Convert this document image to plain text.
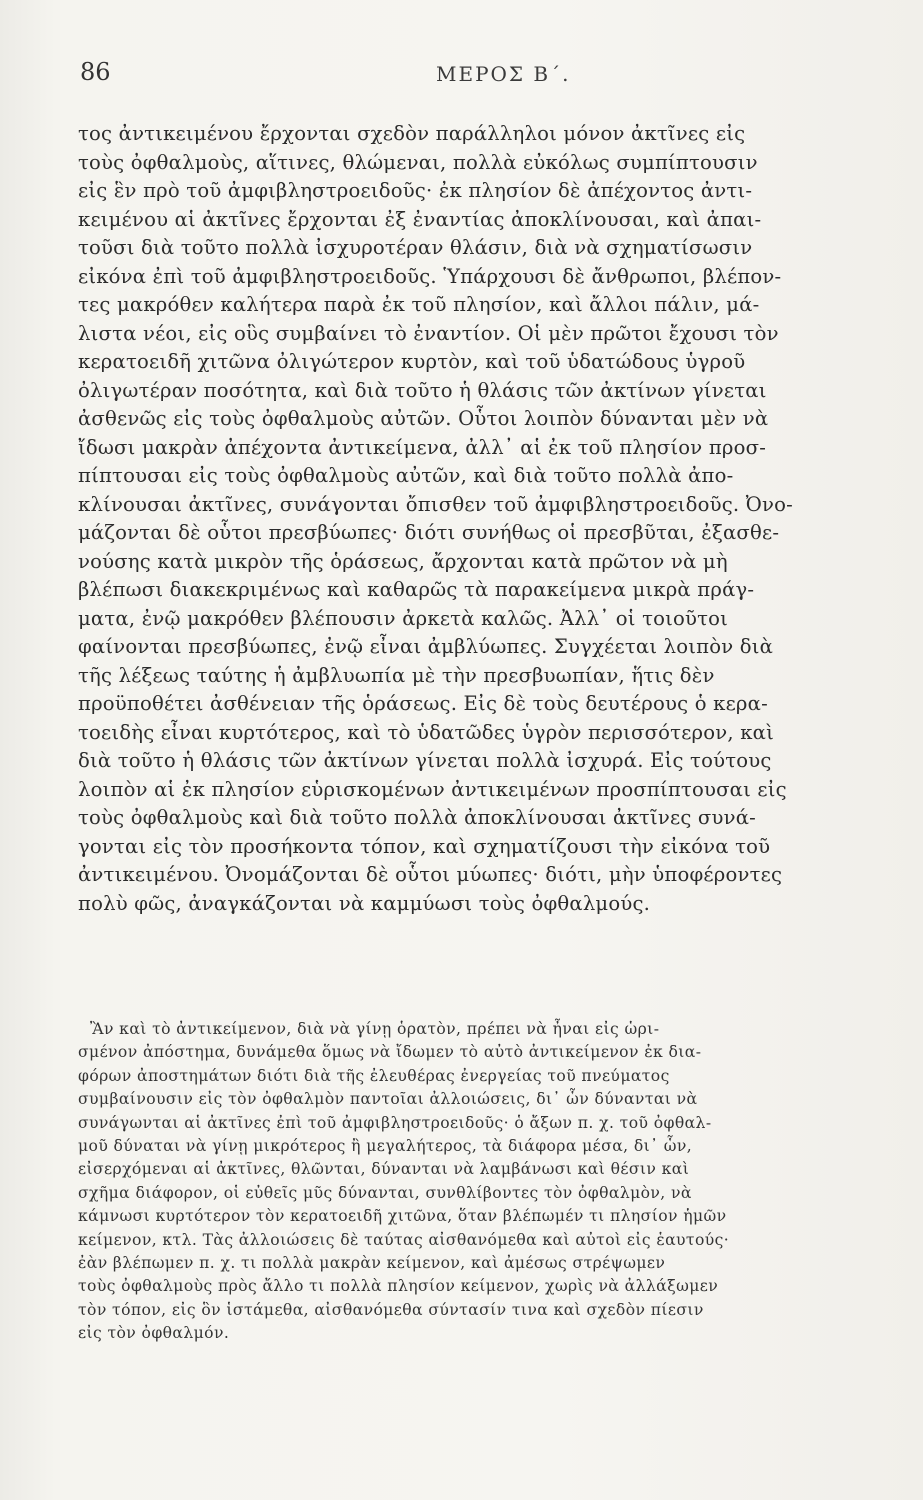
86	ΜΕΡΟΣ Β΄.
τος ἀντικειμένου ἔρχονται σχεδὸν παράλληλοι μόνον ἀκτῖνες εἰς
τοὺς ὀφθαλμοὺς, αἵτινες, θλώμεναι, πολλὰ εὐκόλως συμπίπτουσιν
εἰς ἓν πρὸ τοῦ ἀμφιβληστροειδοῦς· ἐκ πλησίον δὲ ἀπέχοντος ἀντι-
κειμένου αἱ ἀκτῖνες ἔρχονται ἐξ ἐναντίας ἀποκλίνουσαι, καὶ ἀπαι-
τοῦσι διὰ τοῦτο πολλὰ ἰσχυροτέραν θλάσιν, διὰ νὰ σχηματίσωσιν
εἰκόνα ἐπὶ τοῦ ἀμφιβληστροειδοῦς. Ὑπάρχουσι δὲ ἄνθρωποι, βλέπον-
τες μακρόθεν καλήτερα παρὰ ἐκ τοῦ πλησίον, καὶ ἄλλοι πάλιν, μά-
λιστα νέοι, εἰς οὓς συμβαίνει τὸ ἐναντίον. Οἱ μὲν πρῶτοι ἔχουσι τὸν
κερατοειδῆ χιτῶνα ὀλιγώτερον κυρτὸν, καὶ τοῦ ὑδατώδους ὑγροῦ
ὀλιγωτέραν ποσότητα, καὶ διὰ τοῦτο ἡ θλάσις τῶν ἀκτίνων γίνεται
ἀσθενῶς εἰς τοὺς ὀφθαλμοὺς αὐτῶν. Οὗτοι λοιπὸν δύνανται μὲν νὰ
ἴδωσι μακρὰν ἀπέχοντα ἀντικείμενα, ἀλλ᾽ αἱ ἐκ τοῦ πλησίον προσ-
πίπτουσαι εἰς τοὺς ὀφθαλμοὺς αὐτῶν, καὶ διὰ τοῦτο πολλὰ ἀπο-
κλίνουσαι ἀκτῖνες, συνάγονται ὄπισθεν τοῦ ἀμφιβληστροειδοῦς. Ὀνο-
μάζονται δὲ οὗτοι πρεσβύωπες· διότι συνήθως οἱ πρεσβῦται, ἐξασθε-
νούσης κατὰ μικρὸν τῆς ὁράσεως, ἄρχονται κατὰ πρῶτον νὰ μὴ
βλέπωσι διακεκριμένως καὶ καθαρῶς τὰ παρακείμενα μικρὰ πράγ-
ματα, ἐνῷ μακρόθεν βλέπουσιν ἀρκετὰ καλῶς. Ἀλλ᾽ οἱ τοιοῦτοι
φαίνονται πρεσβύωπες, ἐνῷ εἶναι ἀμβλύωπες. Συγχέεται λοιπὸν διὰ
τῆς λέξεως ταύτης ἡ ἀμβλυωπία μὲ τὴν πρεσβυωπίαν, ἥτις δὲν
προϋποθέτει ἀσθένειαν τῆς ὁράσεως. Εἰς δὲ τοὺς δευτέρους ὁ κερα-
τοειδὴς εἶναι κυρτότερος, καὶ τὸ ὑδατῶδες ὑγρὸν περισσότερον, καὶ
διὰ τοῦτο ἡ θλάσις τῶν ἀκτίνων γίνεται πολλὰ ἰσχυρά. Εἰς τούτους
λοιπὸν αἱ ἐκ πλησίον εὑρισκομένων ἀντικειμένων προσπίπτουσαι εἰς
τοὺς ὀφθαλμοὺς καὶ διὰ τοῦτο πολλὰ ἀποκλίνουσαι ἀκτῖνες συνά-
γονται εἰς τὸν προσήκοντα τόπον, καὶ σχηματίζουσι τὴν εἰκόνα τοῦ
ἀντικειμένου. Ὀνομάζονται δὲ οὗτοι μύωπες· διότι, μὴν ὑποφέροντες
πολὺ φῶς, ἀναγκάζονται νὰ καμμύωσι τοὺς ὀφθαλμούς.
Ἂν καὶ τὸ ἀντικείμενον, διὰ νὰ γίνῃ ὁρατὸν, πρέπει νὰ ἦναι εἰς ὡρι-
σμένον ἀπόστημα, δυνάμεθα ὅμως νὰ ἴδωμεν τὸ αὐτὸ ἀντικείμενον ἐκ δια-
φόρων ἀποστημάτων διότι διὰ τῆς ἐλευθέρας ἐνεργείας τοῦ πνεύματος
συμβαίνουσιν εἰς τὸν ὀφθαλμὸν παντοῖαι ἀλλοιώσεις, δι᾽ ὧν δύνανται νὰ
συνάγωνται αἱ ἀκτῖνες ἐπὶ τοῦ ἀμφιβληστροειδοῦς· ὁ ἄξων π. χ. τοῦ ὀφθαλ-
μοῦ δύναται νὰ γίνῃ μικρότερος ἢ μεγαλήτερος, τὰ διάφορα μέσα, δι᾽ ὧν,
εἰσερχόμεναι αἱ ἀκτῖνες, θλῶνται, δύνανται νὰ λαμβάνωσι καὶ θέσιν καὶ
σχῆμα διάφορον, οἱ εὐθεῖς μῦς δύνανται, συνθλίβοντες τὸν ὀφθαλμὸν, νὰ
κάμνωσι κυρτότερον τὸν κερατοειδῆ χιτῶνα, ὅταν βλέπωμέν τι πλησίον ἡμῶν
κείμενον, κτλ. Τὰς ἀλλοιώσεις δὲ ταύτας αἰσθανόμεθα καὶ αὐτοὶ εἰς ἑαυτούς·
ἐὰν βλέπωμεν π. χ. τι πολλὰ μακρὰν κείμενον, καὶ ἀμέσως στρέψωμεν
τοὺς ὀφθαλμοὺς πρὸς ἄλλο τι πολλὰ πλησίον κείμενον, χωρὶς νὰ ἀλλάξωμεν
τὸν τόπον, εἰς ὃν ἱστάμεθα, αἰσθανόμεθα σύντασίν τινα καὶ σχεδὸν πίεσιν
εἰς τὸν ὀφθαλμόν.
